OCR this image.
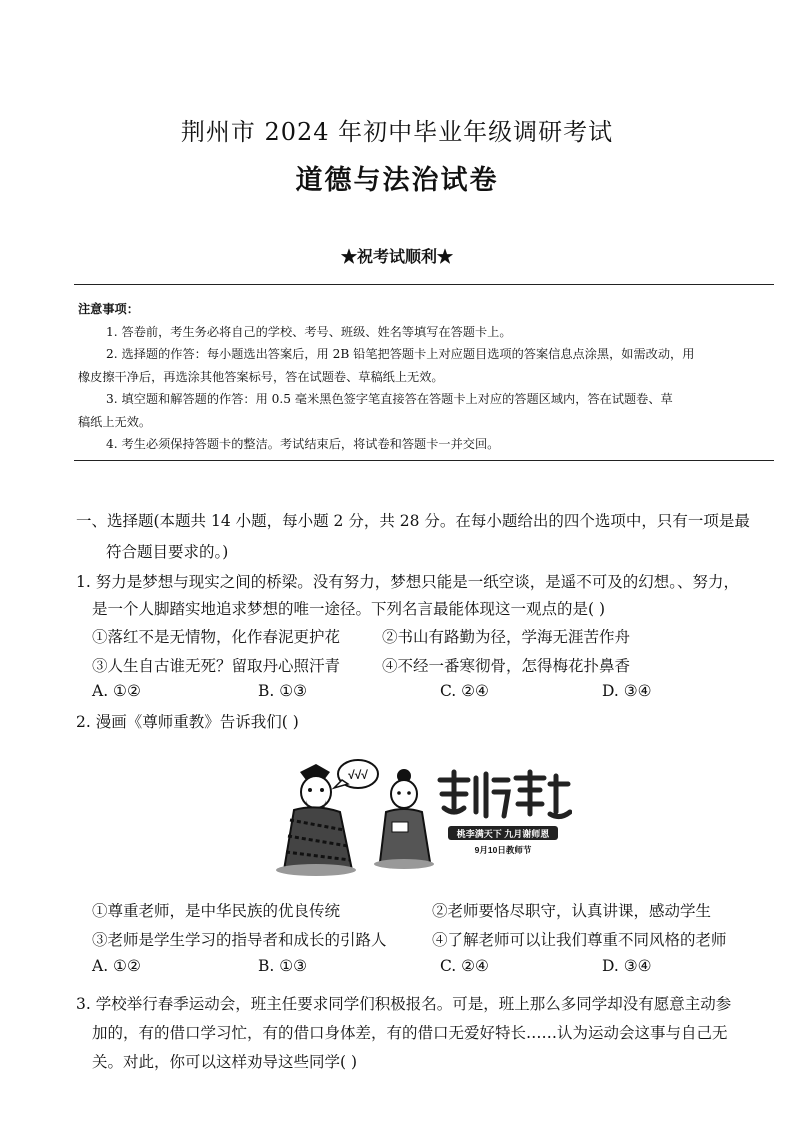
荆州市 2024 年初中毕业年级调研考试
道德与法治试卷
★祝考试顺利★
注意事项：

1. 答卷前，考生务必将自己的学校、考号、班级、姓名等填写在答题卡上。

2. 选择题的作答：每小题选出答案后，用 2B 铅笔把答题卡上对应题目选项的答案信息点涂黑，如需改动，用

橡皮擦干净后，再选涂其他答案标号，答在试题卷、草稿纸上无效。

3. 填空题和解答题的作答：用 0.5 毫米黑色签字笔直接答在答题卡上对应的答题区域内，答在试题卷、草

稿纸上无效。

4. 考生必须保持答题卡的整洁。考试结束后，将试卷和答题卡一并交回。

一、选择题(本题共 14 小题，每小题 2 分，共 28 分。在每小题给出的四个选项中，只有一项是最
符合题目要求的。)
1. 努力是梦想与现实之间的桥梁。没有努力，梦想只能是一纸空谈，是遥不可及的幻想。、努力，
是一个人脚踏实地追求梦想的唯一途径。下列名言最能体现这一观点的是( )
①落红不是无情物，化作春泥更护花	②书山有路勤为径，学海无涯苦作舟
③人生自古谁无死？留取丹心照汗青	④不经一番寒彻骨，怎得梅花扑鼻香
A. ①②	B. ①③	C. ②④	D. ③④
2. 漫画《尊师重教》告诉我们( )
√√√
桃李满天下 九月谢师恩
9月10日教师节
①尊重老师，是中华民族的优良传统	②老师要恪尽职守，认真讲课，感动学生
③老师是学生学习的指导者和成长的引路人	④了解老师可以让我们尊重不同风格的老师
A. ①②	B. ①③	C. ②④	D. ③④
3. 学校举行春季运动会，班主任要求同学们积极报名。可是，班上那么多同学却没有愿意主动参
加的，有的借口学习忙，有的借口身体差，有的借口无爱好特长……认为运动会这事与自己无
关。对此，你可以这样劝导这些同学( )
